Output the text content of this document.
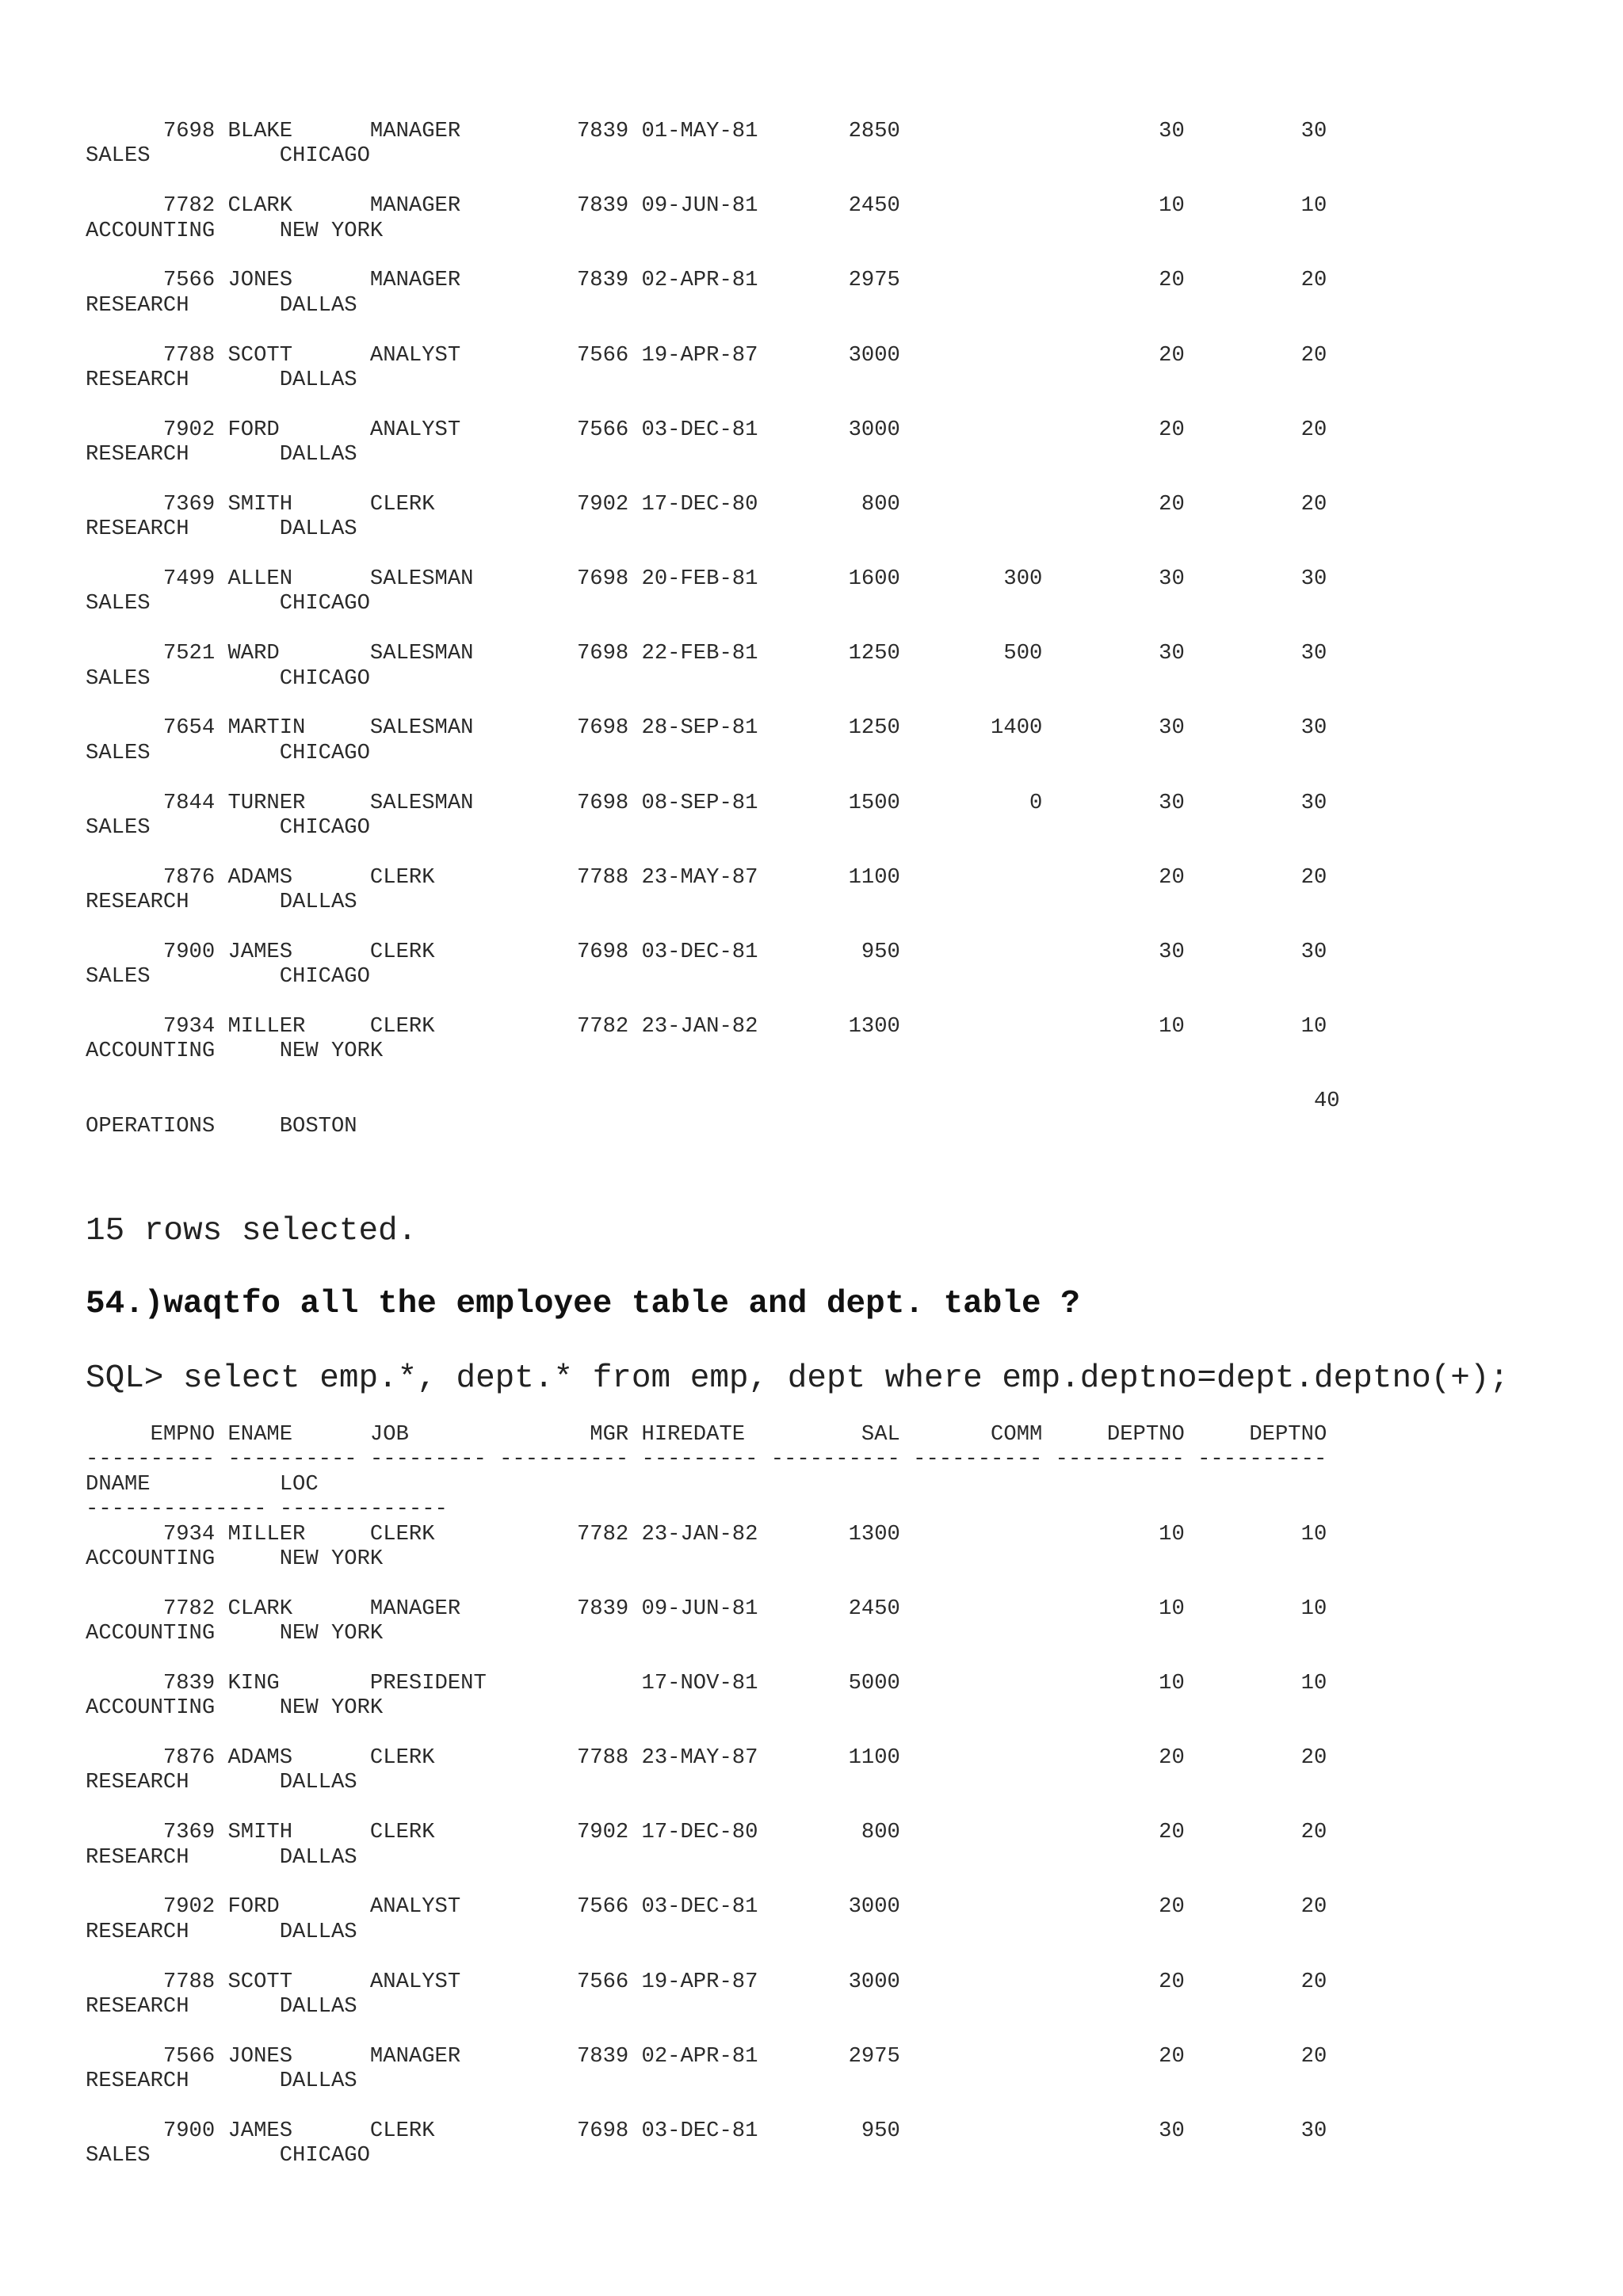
7698 BLAKE      MANAGER         7839 01-MAY-81       2850                    30         30
SALES          CHICAGO
7782 CLARK      MANAGER         7839 09-JUN-81       2450                    10         10
ACCOUNTING     NEW YORK
7566 JONES      MANAGER         7839 02-APR-81       2975                    20         20
RESEARCH       DALLAS
7788 SCOTT      ANALYST         7566 19-APR-87       3000                    20         20
RESEARCH       DALLAS
7902 FORD       ANALYST         7566 03-DEC-81       3000                    20         20
RESEARCH       DALLAS
7369 SMITH      CLERK           7902 17-DEC-80        800                    20         20
RESEARCH       DALLAS
7499 ALLEN      SALESMAN        7698 20-FEB-81       1600        300         30         30
SALES          CHICAGO
7521 WARD       SALESMAN        7698 22-FEB-81       1250        500         30         30
SALES          CHICAGO
7654 MARTIN     SALESMAN        7698 28-SEP-81       1250       1400         30         30
SALES          CHICAGO
7844 TURNER     SALESMAN        7698 08-SEP-81       1500          0         30         30
SALES          CHICAGO
7876 ADAMS      CLERK           7788 23-MAY-87       1100                    20         20
RESEARCH       DALLAS
7900 JAMES      CLERK           7698 03-DEC-81        950                    30         30
SALES          CHICAGO
7934 MILLER     CLERK           7782 23-JAN-82       1300                    10         10
ACCOUNTING     NEW YORK
40
OPERATIONS     BOSTON
15 rows selected.
54.)waqtfo all the employee table and dept. table ?
SQL> select emp.*, dept.* from emp, dept where emp.deptno=dept.deptno(+);
EMPNO ENAME      JOB              MGR HIREDATE         SAL       COMM     DEPTNO     DEPTNO
---------- ---------- --------- ---------- --------- ---------- ---------- ---------- ----------
DNAME          LOC
-------------- -------------
7934 MILLER     CLERK           7782 23-JAN-82       1300                    10         10
ACCOUNTING     NEW YORK
7782 CLARK      MANAGER         7839 09-JUN-81       2450                    10         10
ACCOUNTING     NEW YORK
7839 KING       PRESIDENT            17-NOV-81       5000                    10         10
ACCOUNTING     NEW YORK
7876 ADAMS      CLERK           7788 23-MAY-87       1100                    20         20
RESEARCH       DALLAS
7369 SMITH      CLERK           7902 17-DEC-80        800                    20         20
RESEARCH       DALLAS
7902 FORD       ANALYST         7566 03-DEC-81       3000                    20         20
RESEARCH       DALLAS
7788 SCOTT      ANALYST         7566 19-APR-87       3000                    20         20
RESEARCH       DALLAS
7566 JONES      MANAGER         7839 02-APR-81       2975                    20         20
RESEARCH       DALLAS
7900 JAMES      CLERK           7698 03-DEC-81        950                    30         30
SALES          CHICAGO
